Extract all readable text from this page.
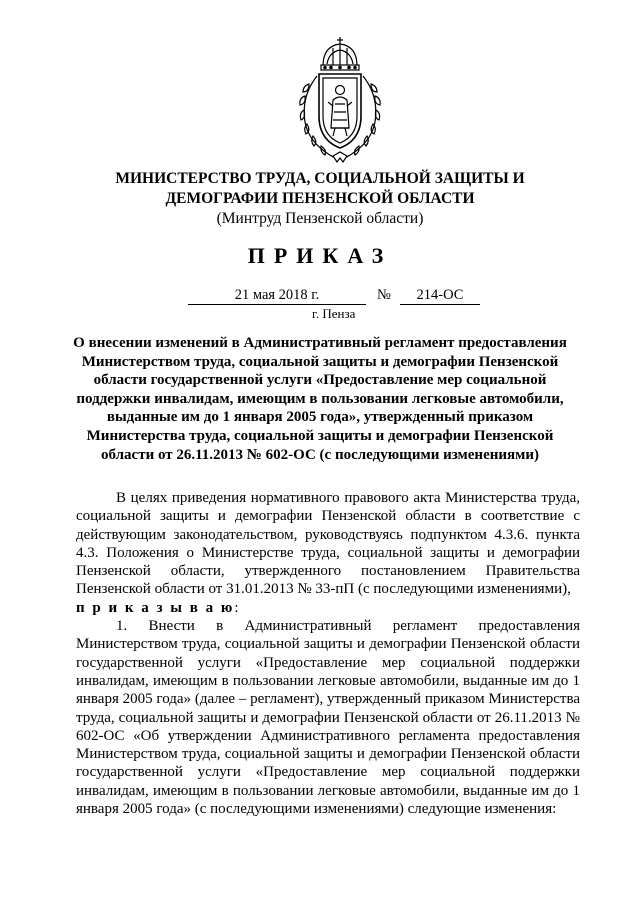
МИНИСТЕРСТВО ТРУДА, СОЦИАЛЬНОЙ ЗАЩИТЫ И ДЕМОГРАФИИ ПЕНЗЕНСКОЙ ОБЛАСТИ
(Минтруд Пензенской области)
ПРИКАЗ
21 мая 2018 г.	№	214-ОС
г. Пенза
О внесении изменений в Административный регламент предоставления Министерством труда, социальной защиты и демографии Пензенской области государственной услуги «Предоставление мер социальной поддержки инвалидам, имеющим в пользовании легковые автомобили, выданные им до 1 января 2005 года», утвержденный приказом Министерства труда, социальной защиты и демографии Пензенской области от 26.11.2013 № 602-ОС (с последующими изменениями)

В целях приведения нормативного правового акта Министерства труда, социальной защиты и демографии Пензенской области в соответствие с действующим законодательством, руководствуясь подпунктом 4.3.6. пункта 4.3. Положения о Министерстве труда, социальной защиты и демографии Пензенской области, утвержденного постановлением Правительства Пензенской области от 31.01.2013 № 33-пП (с последующими изменениями),
п р и к а з ы в а ю:

1. Внести в Административный регламент предоставления Министерством труда, социальной защиты и демографии Пензенской области государственной услуги «Предоставление мер социальной поддержки инвалидам, имеющим в пользовании легковые автомобили, выданные им до 1 января 2005 года» (далее – регламент), утвержденный приказом Министерства труда, социальной защиты и демографии Пензенской области от 26.11.2013 № 602-ОС «Об утверждении Административного регламента предоставления Министерством труда, социальной защиты и демографии Пензенской области государственной услуги «Предоставление мер социальной поддержки инвалидам, имеющим в пользовании легковые автомобили, выданные им до 1 января 2005 года» (с последующими изменениями) следующие изменения:
